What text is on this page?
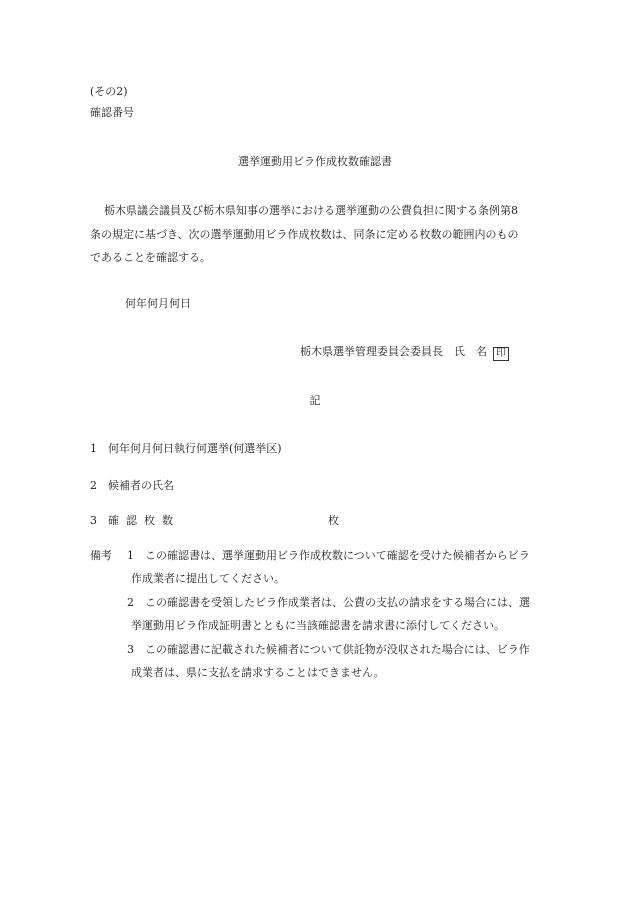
(その2)
確認番号
選挙運動用ビラ作成枚数確認書
栃木県議会議員及び栃木県知事の選挙における選挙運動の公費負担に関する条例第8
条の規定に基づき、次の選挙運動用ビラ作成枚数は、同条に定める枚数の範囲内のもの
であることを確認する。
何年何月何日
栃木県選挙管理委員会委員長　氏　名 印
記
1 何年何月何日執行何選挙(何選挙区)
2 候補者の氏名
3 確認枚数	枚
備考 1 この確認書は、選挙運動用ビラ作成枚数について確認を受けた候補者からビラ
作成業者に提出してください。
2 この確認書を受領したビラ作成業者は、公費の支払の請求をする場合には、選
挙運動用ビラ作成証明書とともに当該確認書を請求書に添付してください。
3 この確認書に記載された候補者について供託物が没収された場合には、ビラ作
成業者は、県に支払を請求することはできません。
